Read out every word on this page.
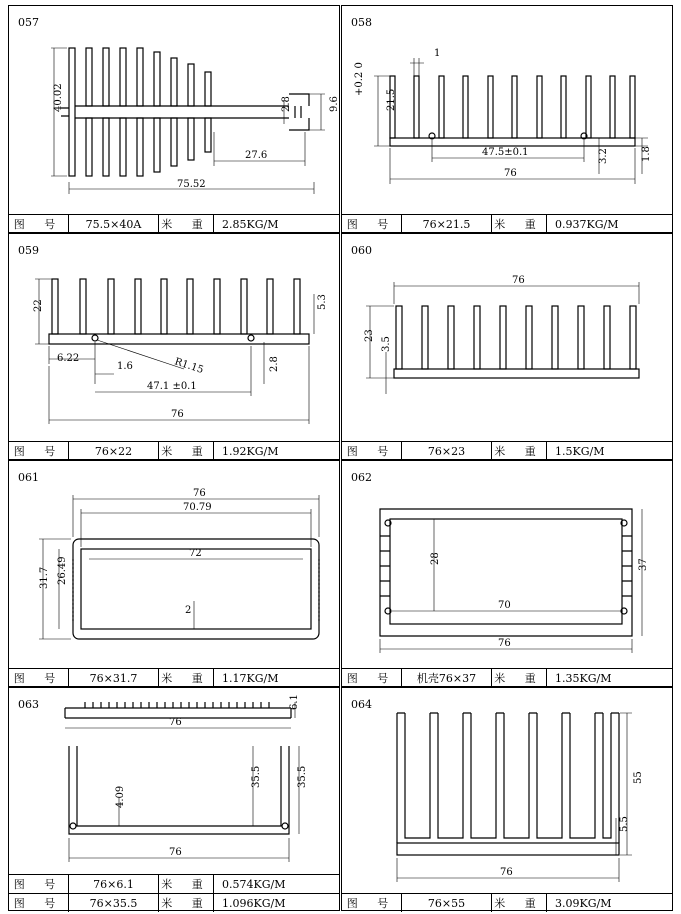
057
40.02
75.52
27.6
2.8	9.6
图 号	75.5×40A	米 重	2.85KG/M
058
1
21.5
+0.2 0
47.5±0.1	3.2	1.8
76
图 号	76×21.5	米 重	0.937KG/M
059
22	5.3
6.22
1.6	R1.15	2.8
47.1 ±0.1
76
图 号	76×22	米 重	1.92KG/M
060
76
23
3.5
图 号	76×23	米 重	1.5KG/M
061
76
70.79
72
31.7 26.49
2
图 号	76×31.7	米 重	1.17KG/M
062
28	37
70
76
图 号	机壳76×37	米 重	1.35KG/M
063	6.1
76
4.09
35.5	35.5
76
图 号	76×6.1	米 重	0.574KG/M
图 号	76×35.5	米 重	1.096KG/M
064
55
5.5
76
图 号	76×55	米 重	3.09KG/M
